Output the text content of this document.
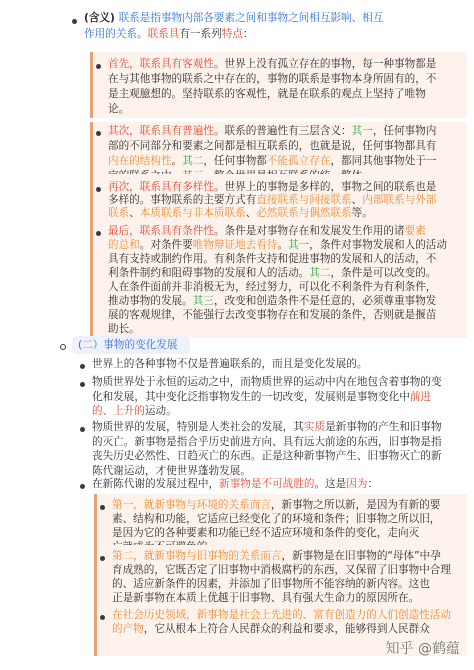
(含义) 联系是指事物内部各要素之间和事物之间相互影响、相互
作用的关系。联系具有一系列特点：
首先，联系具有客观性。世界上没有孤立存在的事物，每一种事物都是
在与其他事物的联系之中存在的，事物的联系是事物本身所固有的，不
是主观臆想的。坚持联系的客观性，就是在联系的观点上坚持了唯物
论。
其次，联系具有普遍性。联系的普遍性有三层含义：其一，任何事物内
部的不同部分和要素之间都是相互联系的，也就是说，任何事物都具有
内在的结构性。其二，任何事物都不能孤立存在，都同其他事物处于一
再次，联系具有多样性。世界上的事物是多样的，事物之间的联系也是
多样的。事物联系的主要方式有直接联系与间接联系、内部联系与外部
联系、本质联系与非本质联系、必然联系与偶然联系等。
最后，联系具有条件性。条件是对事物存在和发展发生作用的诸要素
的总和。对条件要唯物辩证地去看待。其一，条件对事物发展和人的活动
具有支持或制约作用。有利条件支持和促进事物的发展和人的活动，不
利条件制约和阻碍事物的发展和人的活动。其二，条件是可以改变的。
人在条件面前并非消极无为，经过努力，可以化不利条件为有利条件，
推动事物的发展。其三，改变和创造条件不是任意的，必须尊重事物发
展的客观规律，不能强行去改变事物存在和发展的条件，否则就是揠苗
助长。
(二）事物的变化发展
世界上的各种事物不仅是普遍联系的，而且是变化发展的。
物质世界处于永恒的运动之中，而物质世界的运动中内在地包含着事物的变
化和发展，其中变化泛指事物发生的一切改变，发展则是事物变化中前进
的、上升的运动。
物质世界的发展，特别是人类社会的发展，其实质是新事物的产生和旧事物
的灭亡。新事物是指合乎历史前进方向、具有远大前途的东西，旧事物是指
丧失历史必然性、日趋灭亡的东西。正是这种新事物产生、旧事物灭亡的新
陈代谢运动，才使世界蓬勃发展。
在新陈代谢的发展过程中，新事物是不可战胜的。这是因为：
第一，就新事物与环境的关系而言，新事物之所以新，是因为有新的要
素、结构和功能，它适应已经变化了的环境和条件；旧事物之所以旧，
是因为它的各种要素和功能已经不适应环境和条件的变化，走向灭
第二，就新事物与旧事物的关系而言，新事物是在旧事物的“母体”中孕
育成熟的，它既否定了旧事物中消极腐朽的东西，又保留了旧事物中合理
的、适应新条件的因素，并添加了旧事物所不能容纳的新内容。这也
正是新事物在本质上优越于旧事物、具有强大生命力的原因所在。
在社会历史领域，新事物是社会上先进的、富有创造力的人们创造性活动
的产物，它从根本上符合人民群众的利益和要求，能够得到人民群众
知乎 @鹤蕴
